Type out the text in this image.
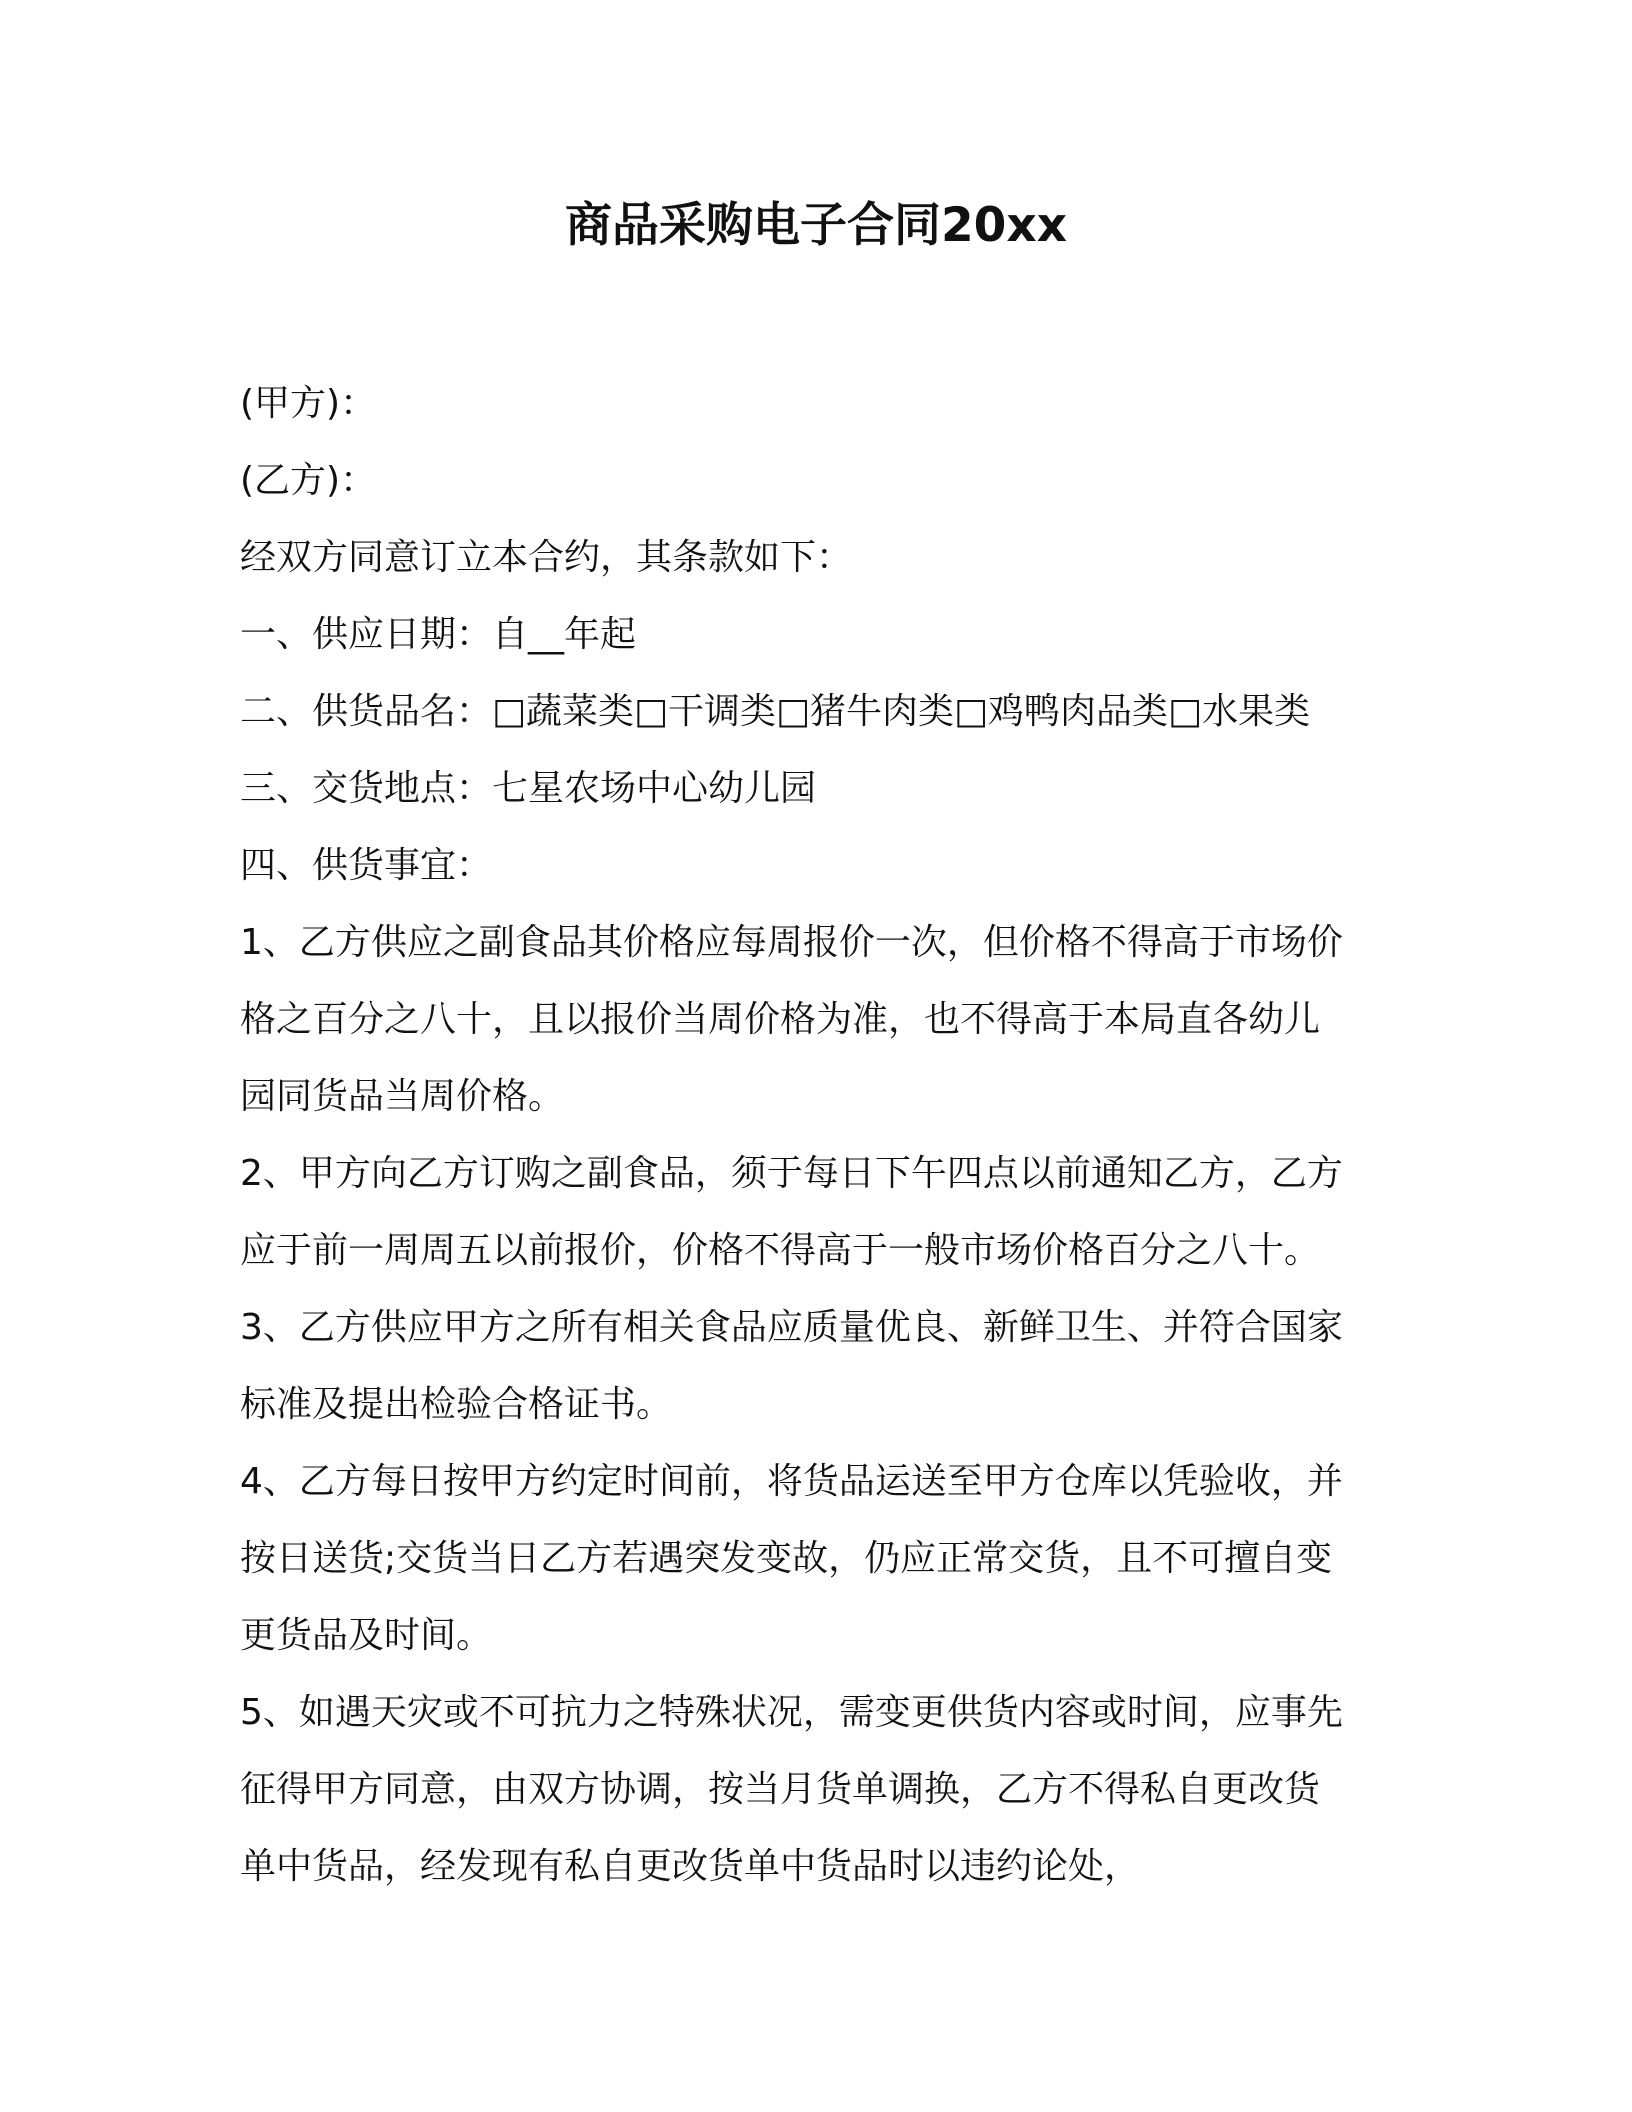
商品采购电子合同20xx
(甲方)：
(乙方)：
经双方同意订立本合约，其条款如下：
一、供应日期：自__年起
二、供货品名：□蔬菜类□干调类□猪牛肉类□鸡鸭肉品类□水果类
三、交货地点：七星农场中心幼儿园
四、供货事宜：
1、乙方供应之副食品其价格应每周报价一次，但价格不得高于市场价
格之百分之八十，且以报价当周价格为准，也不得高于本局直各幼儿
园同货品当周价格。
2、甲方向乙方订购之副食品，须于每日下午四点以前通知乙方，乙方
应于前一周周五以前报价，价格不得高于一般市场价格百分之八十。
3、乙方供应甲方之所有相关食品应质量优良、新鲜卫生、并符合国家
标准及提出检验合格证书。
4、乙方每日按甲方约定时间前，将货品运送至甲方仓库以凭验收，并
按日送货;交货当日乙方若遇突发变故，仍应正常交货，且不可擅自变
更货品及时间。
5、如遇天灾或不可抗力之特殊状况，需变更供货内容或时间，应事先
征得甲方同意，由双方协调，按当月货单调换，乙方不得私自更改货
单中货品，经发现有私自更改货单中货品时以违约论处，
